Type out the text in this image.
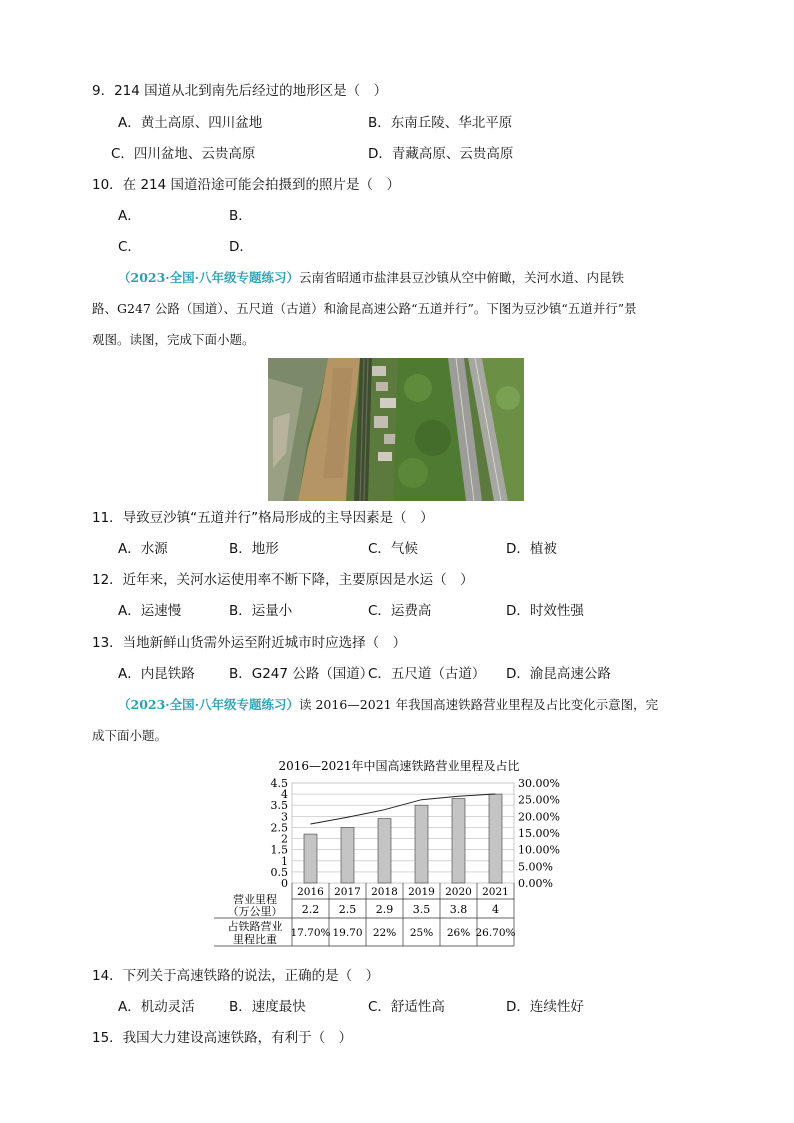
9．214 国道从北到南先后经过的地形区是（　）
A．黄土高原、四川盆地	B．东南丘陵、华北平原
C．四川盆地、云贵高原	D．青藏高原、云贵高原
10．在 214 国道沿途可能会拍摄到的照片是（　）
A．	B．
C．	D．
（2023·全国·八年级专题练习）云南省昭通市盐津县豆沙镇从空中俯瞰，关河水道、内昆铁
路、G247 公路（国道）、五尺道（古道）和渝昆高速公路“五道并行”。下图为豆沙镇“五道并行”景
观图。读图，完成下面小题。
11．导致豆沙镇“五道并行”格局形成的主导因素是（　）
A．水源	B．地形	C．气候	D．植被
12．近年来，关河水运使用率不断下降，主要原因是水运（　）
A．运速慢	B．运量小	C．运费高	D．时效性强
13．当地新鲜山货需外运至附近城市时应选择（　）
A．内昆铁路	B．G247 公路（国道）
C．五尺道（古道） D．渝昆高速公路
（2023·全国·八年级专题练习）读 2016—2021 年我国高速铁路营业里程及占比变化示意图，完
成下面小题。
2016—2021年中国高速铁路营业里程及占比
0
0.5
1
1.5
2
2.5
3
3.5
4
4.5
0.00%
5.00%
10.00%
15.00%
20.00%
25.00%
30.00%
2016 2017 2018 2019 2020 2021
营业里程
（万公里）
占铁路营业
里程比重
2.2 2.5 2.9 3.5 3.8 4
17.70% 19.70 22% 25% 26% 26.70%
14．下列关于高速铁路的说法，正确的是（　）
A．机动灵活	B．速度最快	C．舒适性高	D．连续性好
15．我国大力建设高速铁路，有利于（　）
